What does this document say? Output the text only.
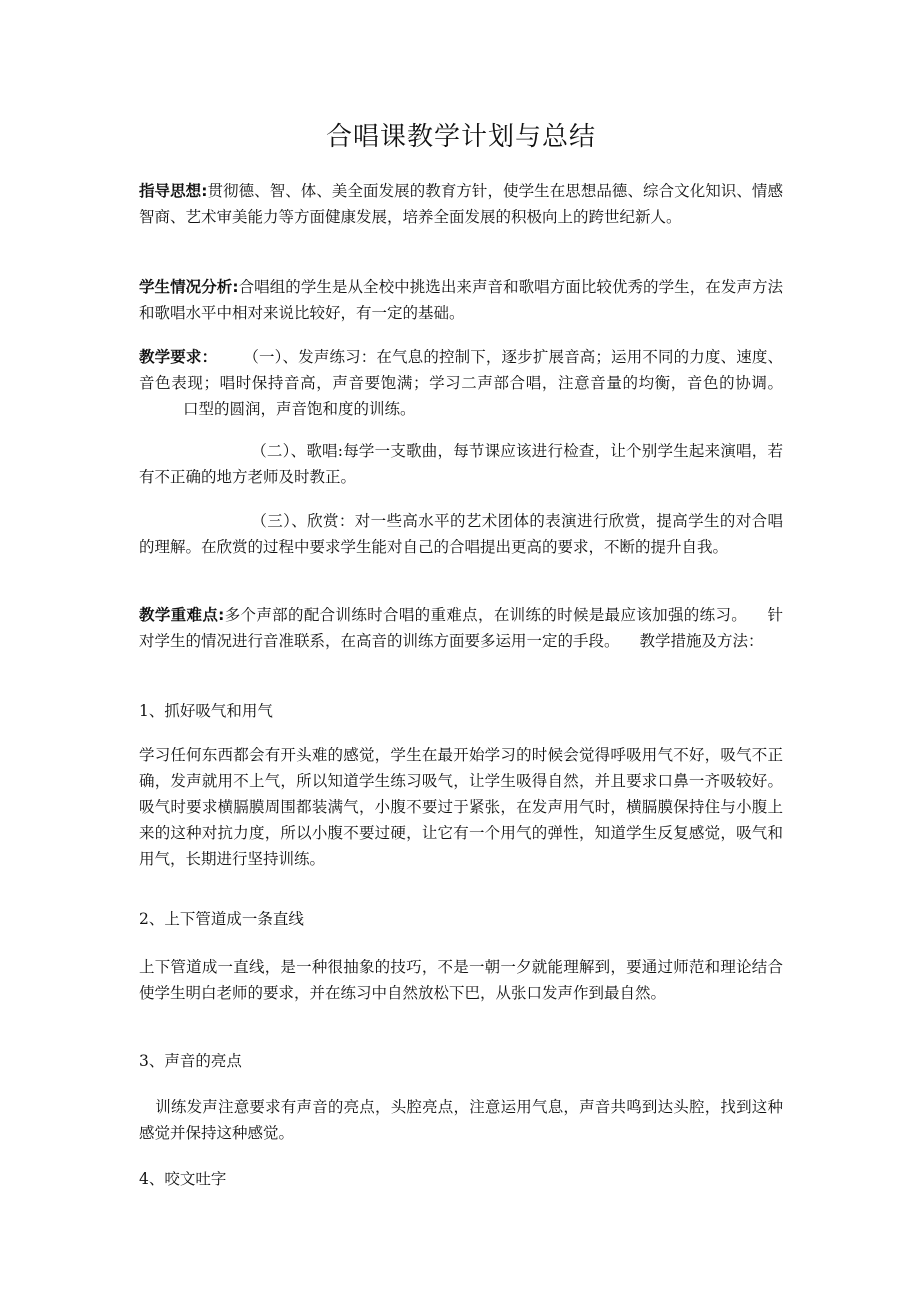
合唱课教学计划与总结

指导思想:贯彻德、智、体、美全面发展的教育方针，使学生在思想品德、综合文化知识、情感智商、艺术审美能力等方面健康发展，培养全面发展的积极向上的跨世纪新人。

学生情况分析:合唱组的学生是从全校中挑选出来声音和歌唱方面比较优秀的学生，在发声方法和歌唱水平中相对来说比较好，有一定的基础。

教学要求： （一）、发声练习：在气息的控制下，逐步扩展音高；运用不同的力度、速度、音色表现；唱时保持音高，声音要饱满；学习二声部合唱，注意音量的均衡，音色的协调。口型的圆润，声音饱和度的训练。

（二）、歌唱:每学一支歌曲，每节课应该进行检查，让个别学生起来演唱，若有不正确的地方老师及时教正。

（三）、欣赏：对一些高水平的艺术团体的表演进行欣赏，提高学生的对合唱的理解。在欣赏的过程中要求学生能对自己的合唱提出更高的要求，不断的提升自我。

教学重难点:多个声部的配合训练时合唱的重难点，在训练的时候是最应该加强的练习。 针对学生的情况进行音准联系，在高音的训练方面要多运用一定的手段。 教学措施及方法：

1、抓好吸气和用气

学习任何东西都会有开头难的感觉，学生在最开始学习的时候会觉得呼吸用气不好，吸气不正确，发声就用不上气，所以知道学生练习吸气，让学生吸得自然，并且要求口鼻一齐吸较好。吸气时要求横膈膜周围都装满气，小腹不要过于紧张，在发声用气时，横膈膜保持住与小腹上来的这种对抗力度，所以小腹不要过硬，让它有一个用气的弹性，知道学生反复感觉，吸气和用气，长期进行坚持训练。

2、上下管道成一条直线

上下管道成一直线，是一种很抽象的技巧，不是一朝一夕就能理解到，要通过师范和理论结合使学生明白老师的要求，并在练习中自然放松下巴，从张口发声作到最自然。

3、声音的亮点

训练发声注意要求有声音的亮点，头腔亮点，注意运用气息，声音共鸣到达头腔，找到这种感觉并保持这种感觉。

4、咬文吐字
